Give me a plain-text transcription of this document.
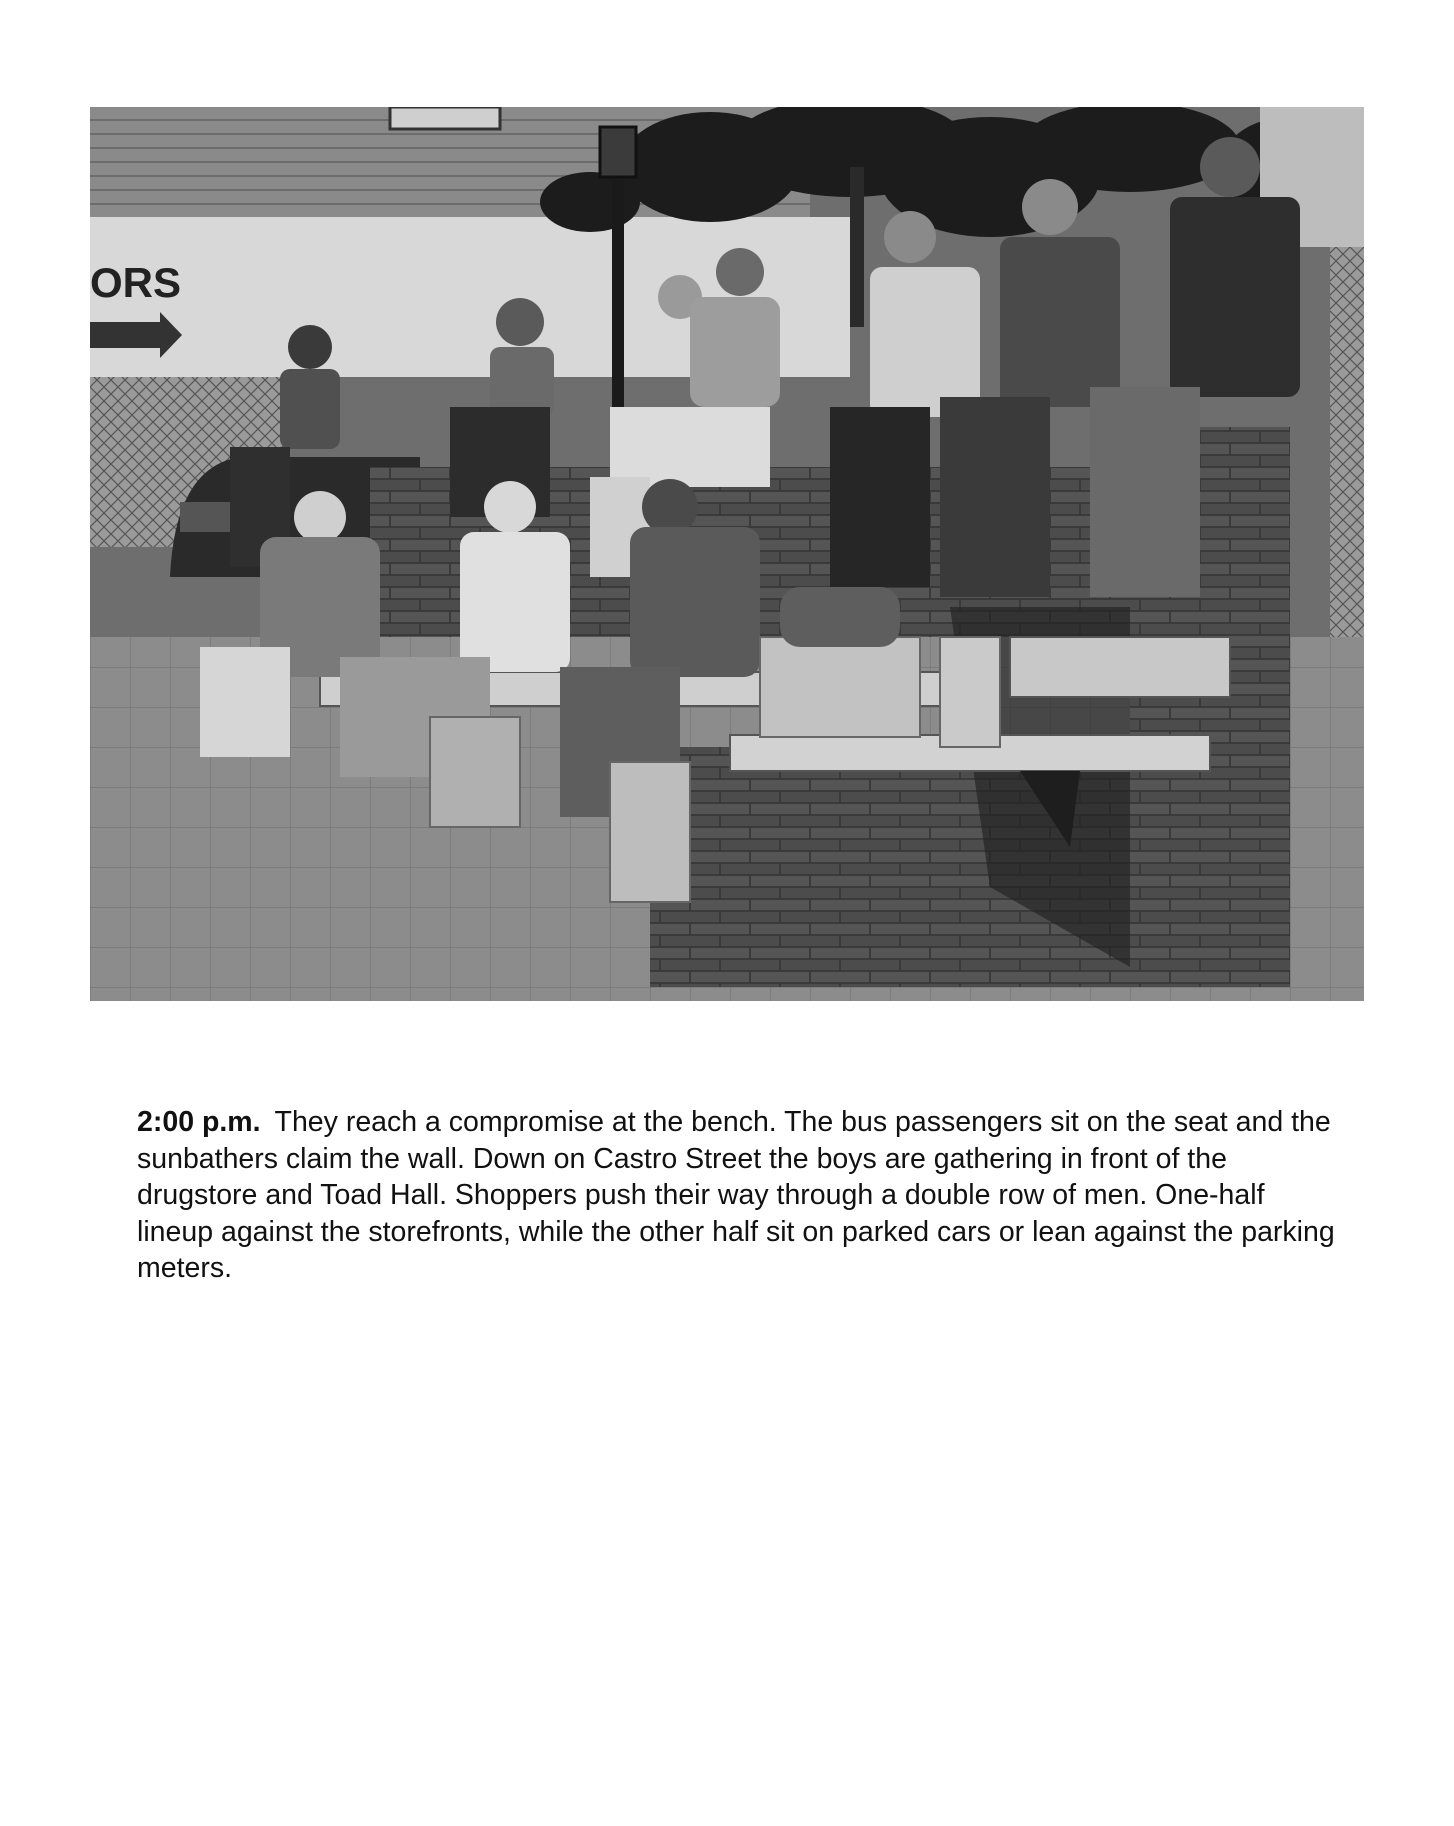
ORS

2:00 p.m. They reach a compromise at the bench. The bus passengers sit on the seat and the sunbathers claim the wall. Down on Castro Street the boys are gathering in front of the drugstore and Toad Hall. Shoppers push their way through a double row of men. One-half lineup against the storefronts, while the other half sit on parked cars or lean against the parking meters.
